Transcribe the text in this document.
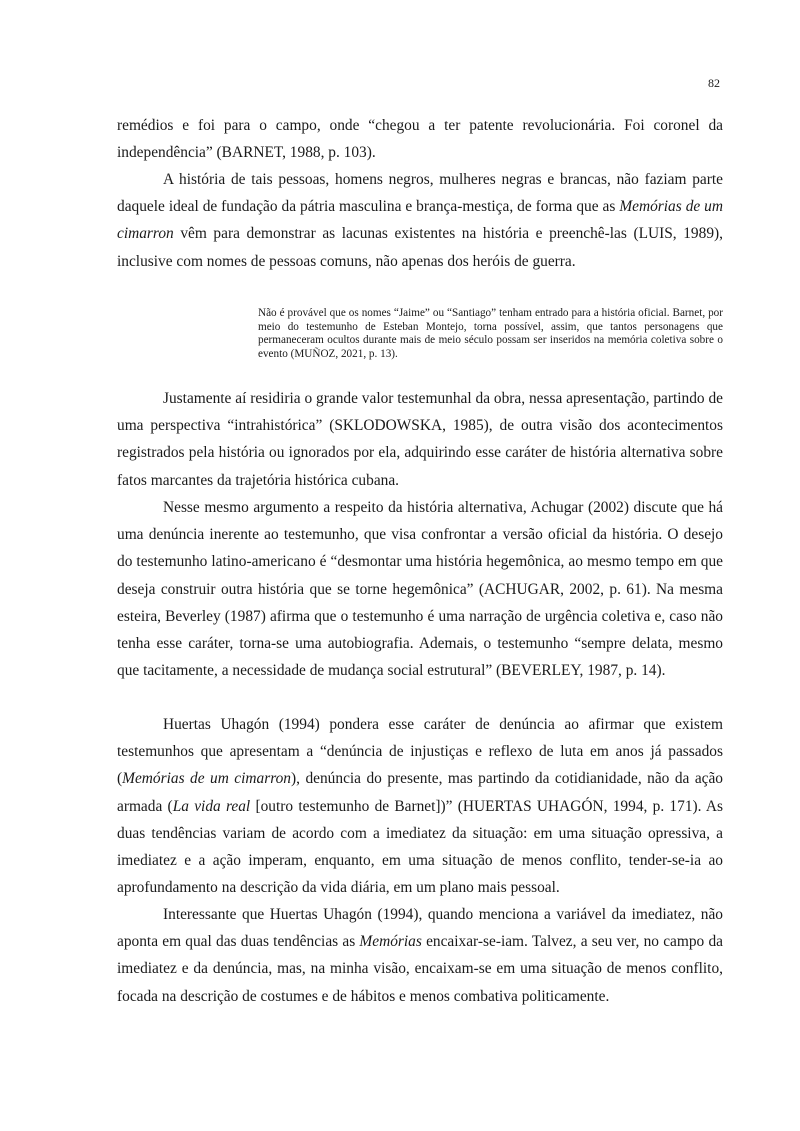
82

remédios e foi para o campo, onde “chegou a ter patente revolucionária. Foi coronel da independência” (BARNET, 1988, p. 103).

A história de tais pessoas, homens negros, mulheres negras e brancas, não faziam parte daquele ideal de fundação da pátria masculina e brança-mestiça, de forma que as Memórias de um cimarron vêm para demonstrar as lacunas existentes na história e preenchê-las (LUIS, 1989), inclusive com nomes de pessoas comuns, não apenas dos heróis de guerra.

Não é provável que os nomes “Jaime” ou “Santiago” tenham entrado para a história oficial. Barnet, por meio do testemunho de Esteban Montejo, torna possível, assim, que tantos personagens que permaneceram ocultos durante mais de meio século possam ser inseridos na memória coletiva sobre o evento (MUÑOZ, 2021, p. 13).

Justamente aí residiria o grande valor testemunhal da obra, nessa apresentação, partindo de uma perspectiva “intrahistórica” (SKLODOWSKA, 1985), de outra visão dos acontecimentos registrados pela história ou ignorados por ela, adquirindo esse caráter de história alternativa sobre fatos marcantes da trajetória histórica cubana.

Nesse mesmo argumento a respeito da história alternativa, Achugar (2002) discute que há uma denúncia inerente ao testemunho, que visa confrontar a versão oficial da história. O desejo do testemunho latino-americano é “desmontar uma história hegemônica, ao mesmo tempo em que deseja construir outra história que se torne hegemônica” (ACHUGAR, 2002, p. 61). Na mesma esteira, Beverley (1987) afirma que o testemunho é uma narração de urgência coletiva e, caso não tenha esse caráter, torna-se uma autobiografia. Ademais, o testemunho “sempre delata, mesmo que tacitamente, a necessidade de mudança social estrutural” (BEVERLEY, 1987, p. 14).

Huertas Uhagón (1994) pondera esse caráter de denúncia ao afirmar que existem testemunhos que apresentam a “denúncia de injustiças e reflexo de luta em anos já passados (Memórias de um cimarron), denúncia do presente, mas partindo da cotidianidade, não da ação armada (La vida real [outro testemunho de Barnet])” (HUERTAS UHAGÓN, 1994, p. 171). As duas tendências variam de acordo com a imediatez da situação: em uma situação opressiva, a imediatez e a ação imperam, enquanto, em uma situação de menos conflito, tender-se-ia ao aprofundamento na descrição da vida diária, em um plano mais pessoal.

Interessante que Huertas Uhagón (1994), quando menciona a variável da imediatez, não aponta em qual das duas tendências as Memórias encaixar-se-iam. Talvez, a seu ver, no campo da imediatez e da denúncia, mas, na minha visão, encaixam-se em uma situação de menos conflito, focada na descrição de costumes e de hábitos e menos combativa politicamente.
